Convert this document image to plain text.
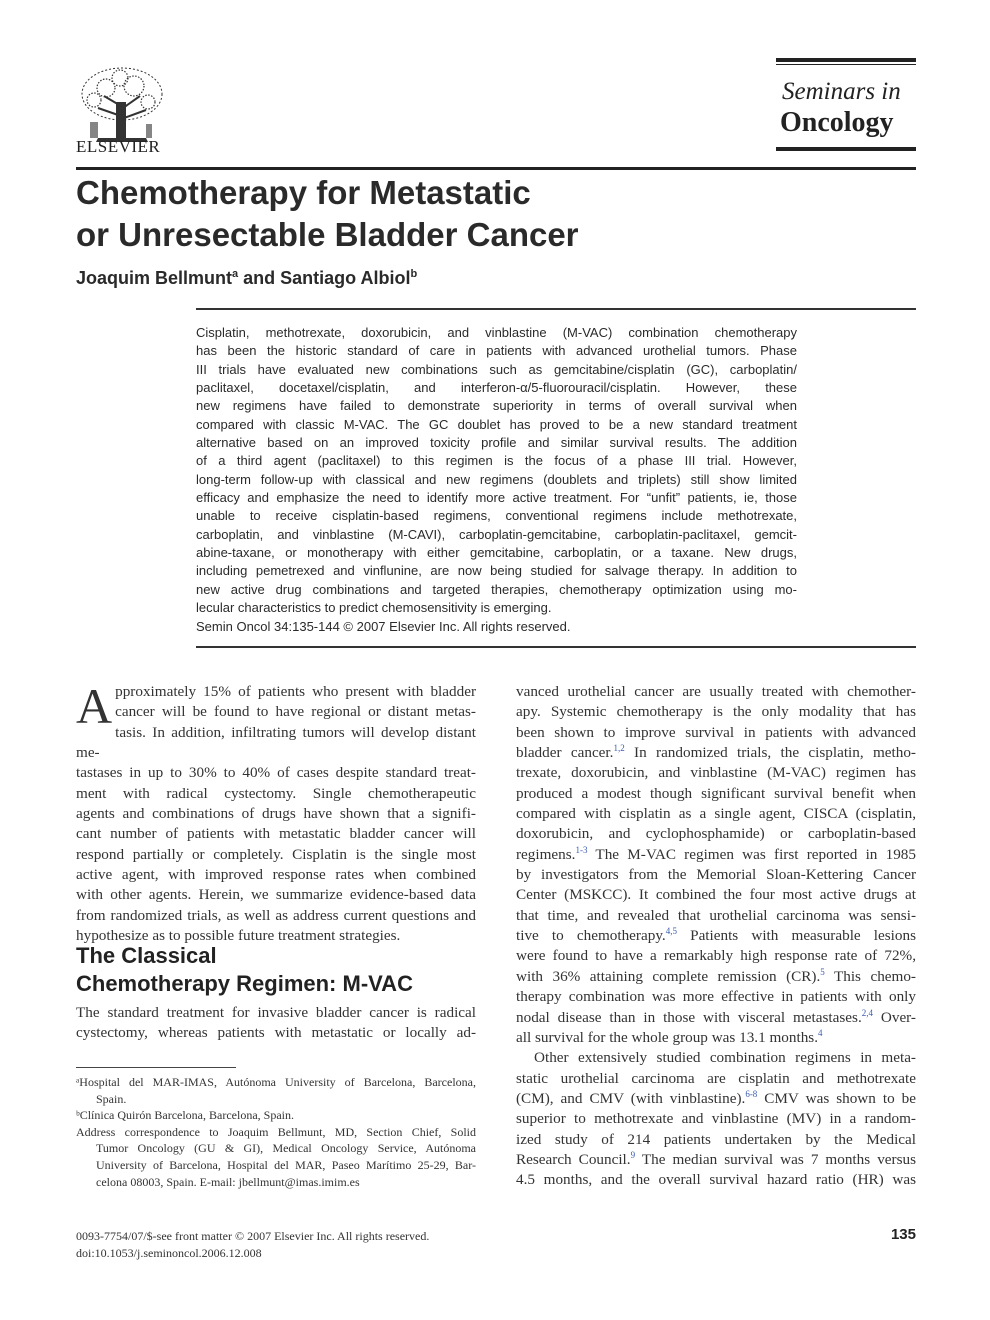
ELSEVIER
Seminars in
Oncology
Chemotherapy for Metastatic
or Unresectable Bladder Cancer
Joaquim Bellmunt$^a$ and Santiago Albiol$^b$
Cisplatin, methotrexate, doxorubicin, and vinblastine (M-VAC) combination chemotherapy
has been the historic standard of care in patients with advanced urothelial tumors. Phase
III trials have evaluated new combinations such as gemcitabine/cisplatin (GC), carboplatin/
paclitaxel, docetaxel/cisplatin, and interferon-α/5-fluorouracil/cisplatin. However, these
new regimens have failed to demonstrate superiority in terms of overall survival when
compared with classic M-VAC. The GC doublet has proved to be a new standard treatment
alternative based on an improved toxicity profile and similar survival results. The addition
of a third agent (paclitaxel) to this regimen is the focus of a phase III trial. However,
long-term follow-up with classical and new regimens (doublets and triplets) still show limited
efficacy and emphasize the need to identify more active treatment. For “unfit” patients, ie, those
unable to receive cisplatin-based regimens, conventional regimens include methotrexate,
carboplatin, and vinblastine (M-CAVI), carboplatin-gemcitabine, carboplatin-paclitaxel, gemcit-
abine-taxane, or monotherapy with either gemcitabine, carboplatin, or a taxane. New drugs,
including pemetrexed and vinflunine, are now being studied for salvage therapy. In addition to
new active drug combinations and targeted therapies, chemotherapy optimization using mo-
lecular characteristics to predict chemosensitivity is emerging.
Semin Oncol 34:135-144 © 2007 Elsevier Inc. All rights reserved.
A pproximately 15% of patients who present with bladder
cancer will be found to have regional or distant metas-
tasis. In addition, infiltrating tumors will develop distant me-
tastases in up to 30% to 40% of cases despite standard treat-
ment with radical cystectomy. Single chemotherapeutic
agents and combinations of drugs have shown that a signifi-
cant number of patients with metastatic bladder cancer will
respond partially or completely. Cisplatin is the single most
active agent, with improved response rates when combined
with other agents. Herein, we summarize evidence-based data
from randomized trials, as well as address current questions and
hypothesize as to possible future treatment strategies.
The Classical
Chemotherapy Regimen: M-VAC
The standard treatment for invasive bladder cancer is radical
cystectomy, whereas patients with metastatic or locally ad-
ᵃHospital del MAR-IMAS, Autónoma University of Barcelona, Barcelona,
Spain.
ᵇClínica Quirón Barcelona, Barcelona, Spain.
Address correspondence to Joaquim Bellmunt, MD, Section Chief, Solid
Tumor Oncology (GU & GI), Medical Oncology Service, Autónoma
University of Barcelona, Hospital del MAR, Paseo Marítimo 25-29, Bar-
celona 08003, Spain. E-mail: jbellmunt@imas.imim.es
vanced urothelial cancer are usually treated with chemother-
apy. Systemic chemotherapy is the only modality that has
been shown to improve survival in patients with advanced
bladder cancer.$^{1,2}$ In randomized trials, the cisplatin, metho-
trexate, doxorubicin, and vinblastine (M-VAC) regimen has
produced a modest though significant survival benefit when
compared with cisplatin as a single agent, CISCA (cisplatin,
doxorubicin, and cyclophosphamide) or carboplatin-based
regimens.$^{1-3}$ The M-VAC regimen was first reported in 1985
by investigators from the Memorial Sloan-Kettering Cancer
Center (MSKCC). It combined the four most active drugs at
that time, and revealed that urothelial carcinoma was sensi-
tive to chemotherapy.$^{4,5}$ Patients with measurable lesions
were found to have a remarkably high response rate of 72%,
with 36% attaining complete remission (CR).$^5$ This chemo-
therapy combination was more effective in patients with only
nodal disease than in those with visceral metastases.$^{2,4}$ Over-
all survival for the whole group was 13.1 months.$^4$
Other extensively studied combination regimens in meta-
static urothelial carcinoma are cisplatin and methotrexate
(CM), and CMV (with vinblastine).$^{6-8}$ CMV was shown to be
superior to methotrexate and vinblastine (MV) in a random-
ized study of 214 patients undertaken by the Medical
Research Council.$^9$ The median survival was 7 months versus
4.5 months, and the overall survival hazard ratio (HR) was
0093-7754/07/$-see front matter © 2007 Elsevier Inc. All rights reserved.
doi:10.1053/j.seminoncol.2006.12.008
135
